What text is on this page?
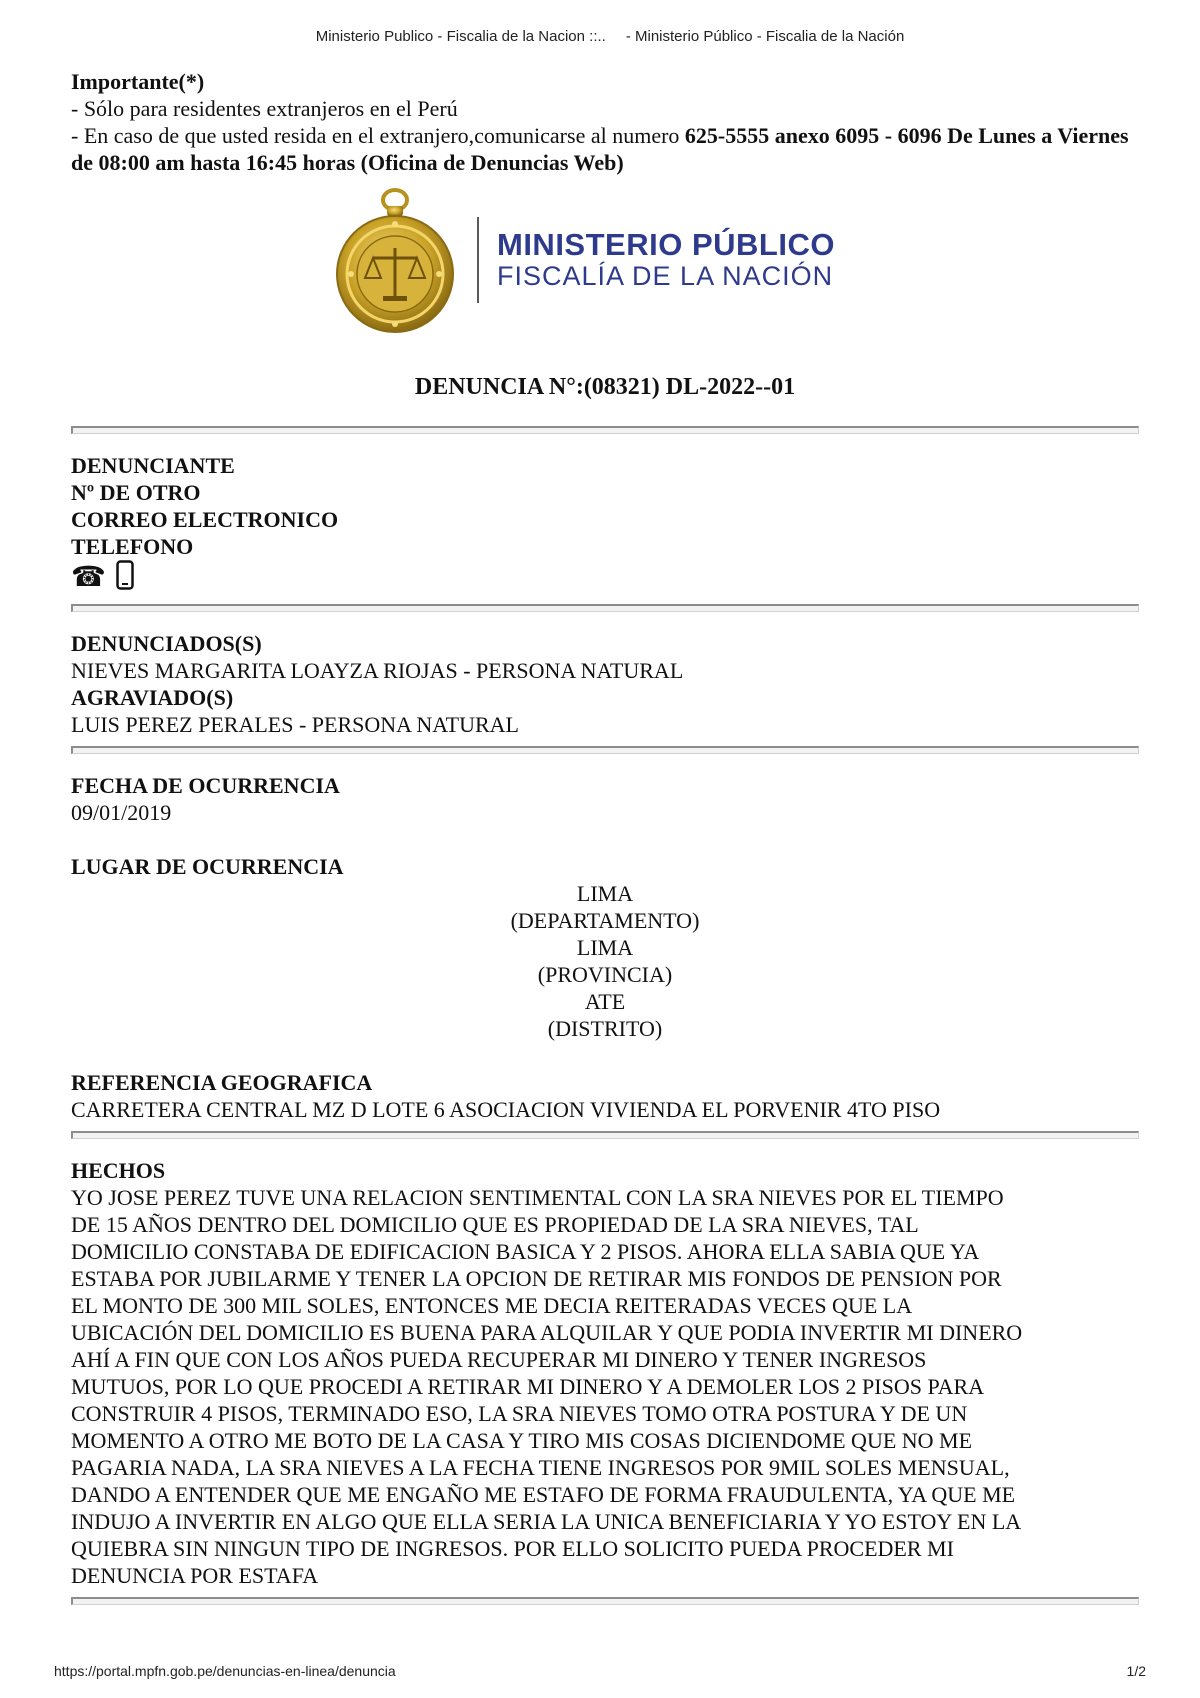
Ministerio Publico - Fiscalia de la Nacion ::.. - Ministerio Público - Fiscalia de la Nación
Importante(*)
- Sólo para residentes extranjeros en el Perú
- En caso de que usted resida en el extranjero,comunicarse al numero 625-5555 anexo 6095 - 6096 De Lunes a Viernes de 08:00 am hasta 16:45 horas (Oficina de Denuncias Web)
MINISTERIO PÚBLICO
FISCALÍA DE LA NACIÓN
DENUNCIA N°:(08321) DL-2022--01
DENUNCIANTE
Nº DE OTRO
CORREO ELECTRONICO
TELEFONO
☎
DENUNCIADOS(S)
NIEVES MARGARITA LOAYZA RIOJAS - PERSONA NATURAL
AGRAVIADO(S)
LUIS PEREZ PERALES - PERSONA NATURAL
FECHA DE OCURRENCIA
09/01/2019
LUGAR DE OCURRENCIA
LIMA
(DEPARTAMENTO)
LIMA
(PROVINCIA)
ATE
(DISTRITO)
REFERENCIA GEOGRAFICA
CARRETERA CENTRAL MZ D LOTE 6 ASOCIACION VIVIENDA EL PORVENIR 4TO PISO
HECHOS
YO JOSE PEREZ TUVE UNA RELACION SENTIMENTAL CON LA SRA NIEVES POR EL TIEMPO
DE 15 AÑOS DENTRO DEL DOMICILIO QUE ES PROPIEDAD DE LA SRA NIEVES, TAL
DOMICILIO CONSTABA DE EDIFICACION BASICA Y 2 PISOS. AHORA ELLA SABIA QUE YA
ESTABA POR JUBILARME Y TENER LA OPCION DE RETIRAR MIS FONDOS DE PENSION POR
EL MONTO DE 300 MIL SOLES, ENTONCES ME DECIA REITERADAS VECES QUE LA
UBICACIÓN DEL DOMICILIO ES BUENA PARA ALQUILAR Y QUE PODIA INVERTIR MI DINERO
AHÍ A FIN QUE CON LOS AÑOS PUEDA RECUPERAR MI DINERO Y TENER INGRESOS
MUTUOS, POR LO QUE PROCEDI A RETIRAR MI DINERO Y A DEMOLER LOS 2 PISOS PARA
CONSTRUIR 4 PISOS, TERMINADO ESO, LA SRA NIEVES TOMO OTRA POSTURA Y DE UN
MOMENTO A OTRO ME BOTO DE LA CASA Y TIRO MIS COSAS DICIENDOME QUE NO ME
PAGARIA NADA, LA SRA NIEVES A LA FECHA TIENE INGRESOS POR 9MIL SOLES MENSUAL,
DANDO A ENTENDER QUE ME ENGAÑO ME ESTAFO DE FORMA FRAUDULENTA, YA QUE ME
INDUJO A INVERTIR EN ALGO QUE ELLA SERIA LA UNICA BENEFICIARIA Y YO ESTOY EN LA
QUIEBRA SIN NINGUN TIPO DE INGRESOS. POR ELLO SOLICITO PUEDA PROCEDER MI
DENUNCIA POR ESTAFA
https://portal.mpfn.gob.pe/denuncias-en-linea/denuncia	1/2
